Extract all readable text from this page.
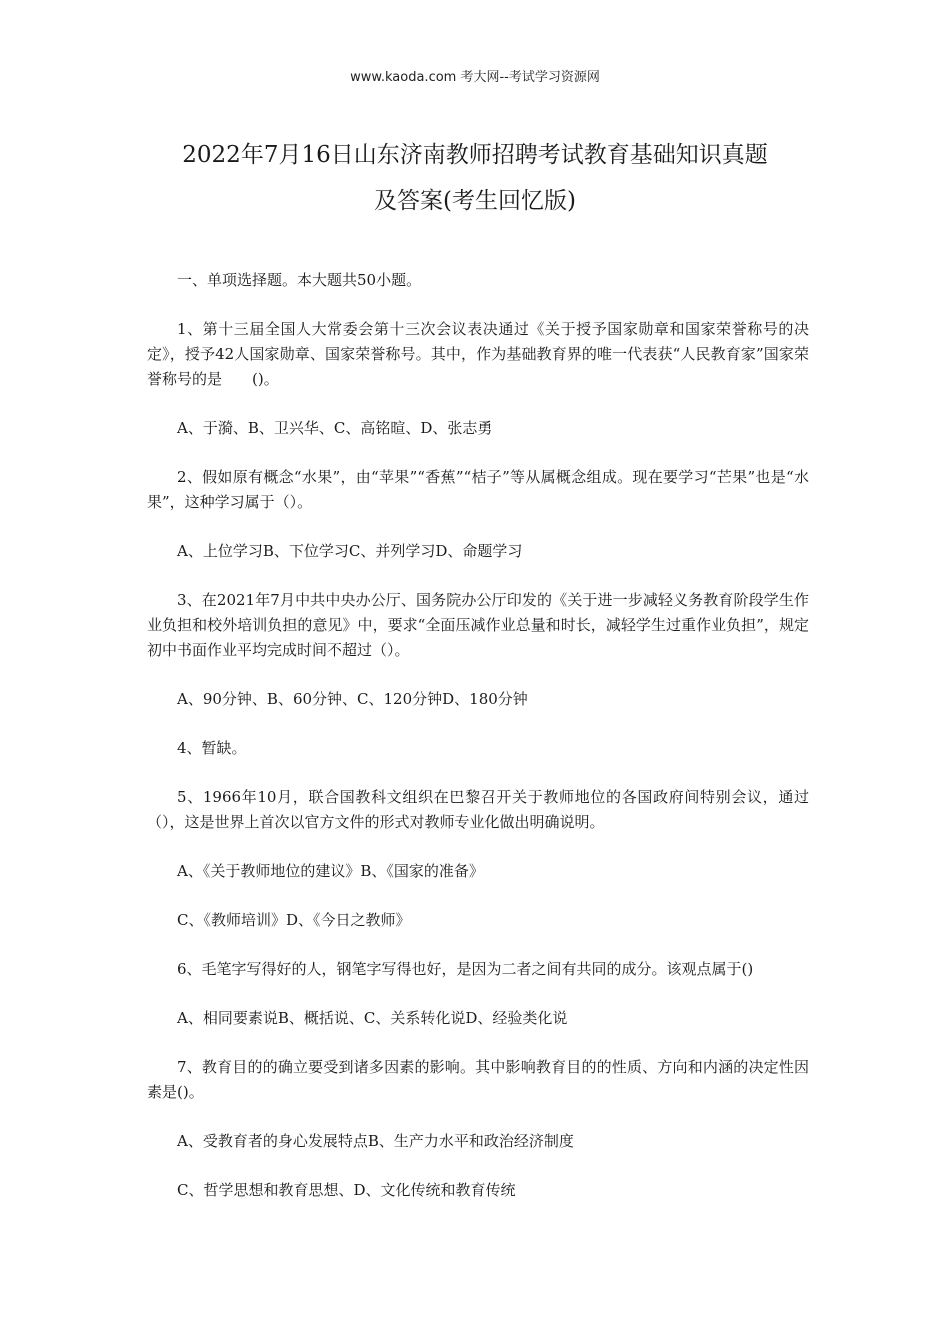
www.kaoda.com 考大网--考试学习资源网
2022年7月16日山东济南教师招聘考试教育基础知识真题
及答案(考生回忆版)

一、单项选择题。本大题共50小题。

1、第十三届全国人大常委会第十三次会议表决通过《关于授予国家勋章和国家荣誉称号的决定》，授予42人国家勋章、国家荣誉称号。其中，作为基础教育界的唯一代表获“人民教育家”国家荣誉称号的是　　()。

A、于漪、B、卫兴华、C、高铭暄、D、张志勇

2、假如原有概念“水果”，由“苹果”“香蕉”“桔子”等从属概念组成。现在要学习“芒果”也是“水果”，这种学习属于（）。

A、上位学习B、下位学习C、并列学习D、命题学习

3、在2021年7月中共中央办公厅、国务院办公厅印发的《关于进一步减轻义务教育阶段学生作业负担和校外培训负担的意见》中，要求“全面压减作业总量和时长，减轻学生过重作业负担”，规定初中书面作业平均完成时间不超过（）。

A、90分钟、B、60分钟、C、120分钟D、180分钟

4、暂缺。

5、1966年10月，联合国教科文组织在巴黎召开关于教师地位的各国政府间特别会议，通过（），这是世界上首次以官方文件的形式对教师专业化做出明确说明。

A、《关于教师地位的建议》B、《国家的准备》

C、《教师培训》D、《今日之教师》

6、毛笔字写得好的人，钢笔字写得也好，是因为二者之间有共同的成分。该观点属于()

A、相同要素说B、概括说、C、关系转化说D、经验类化说

7、教育目的的确立要受到诸多因素的影响。其中影响教育目的的性质、方向和内涵的决定性因素是()。

A、受教育者的身心发展特点B、生产力水平和政治经济制度

C、哲学思想和教育思想、D、文化传统和教育传统
